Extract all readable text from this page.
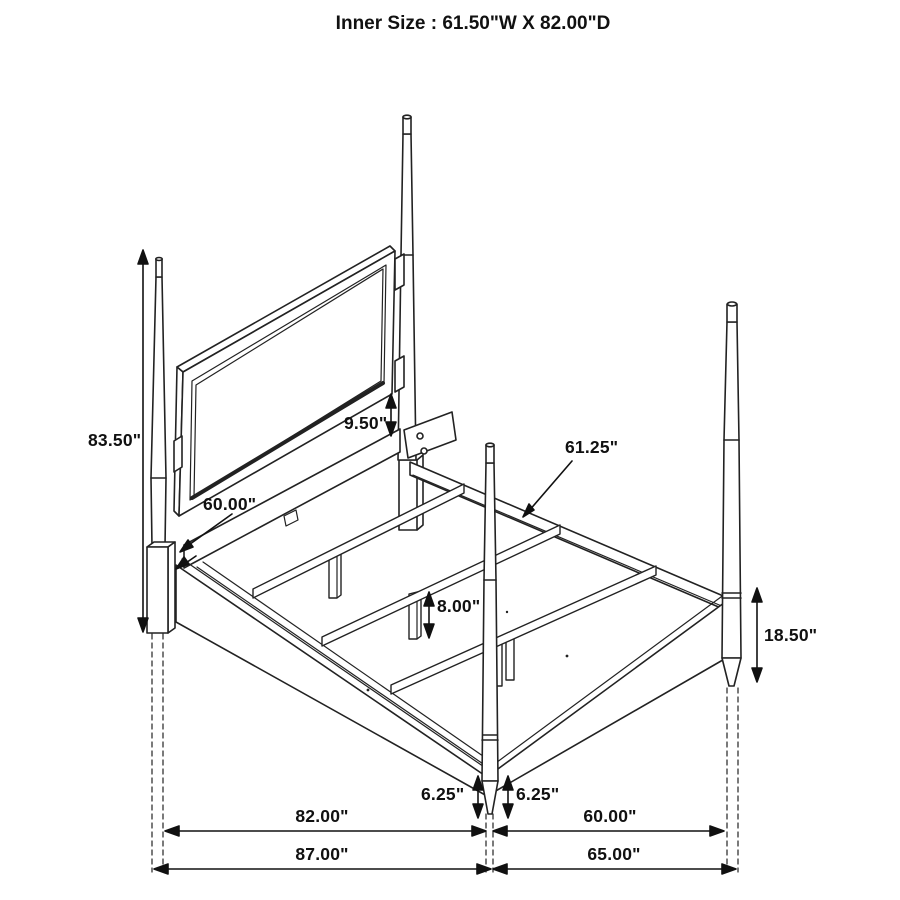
Inner Size : 61.50"W X 82.00"D
83.50"
9.50"
60.00"
61.25"
8.00"
18.50"
6.25"	6.25"
82.00"	60.00"
87.00"	65.00"
